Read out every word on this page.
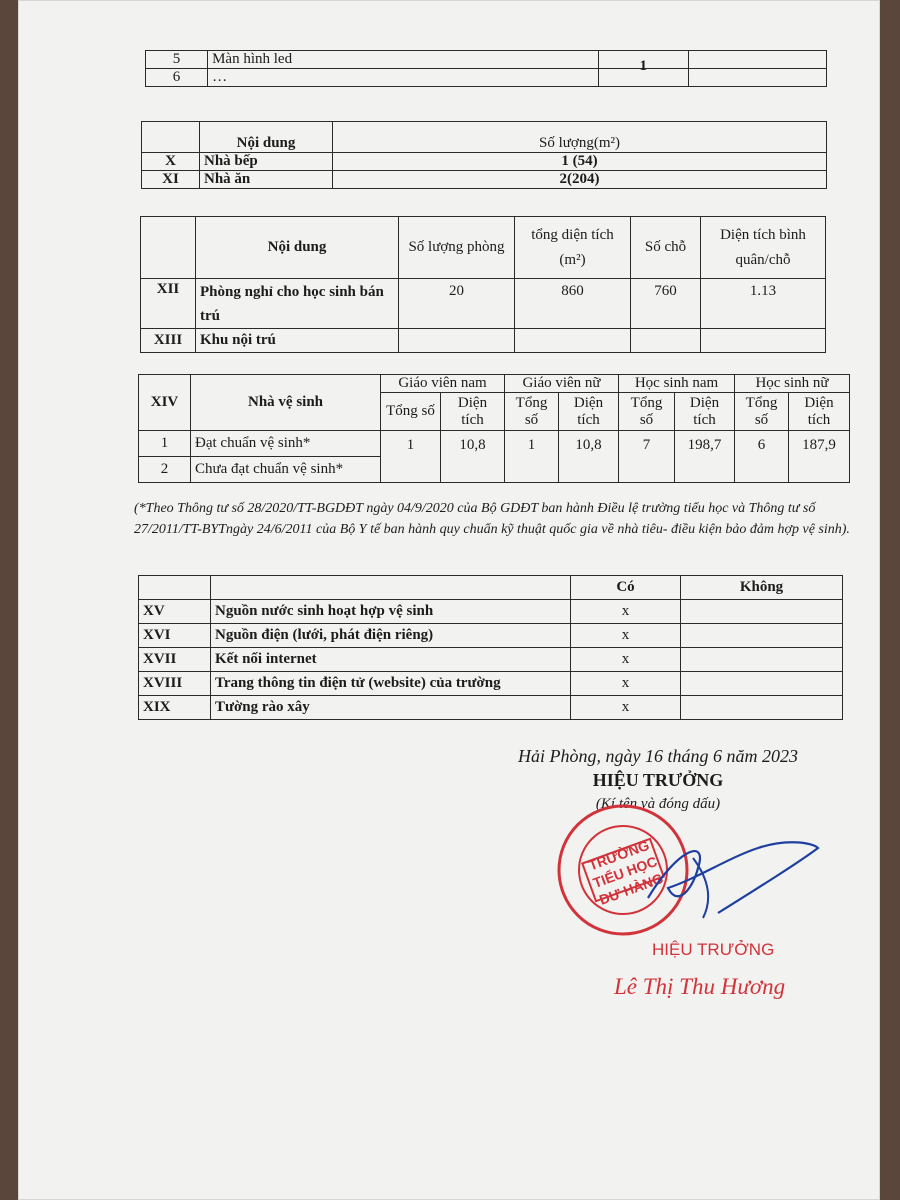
5	Màn hình led	1	
6	…		
	Nội dung	Số lượng(m²)
X	Nhà bếp	1 (54)
XI	Nhà ăn	2(204)
	Nội dung	Số lượng phòng	tổng diện tích (m²)	Số chỗ	Diện tích bình quân/chỗ
XII	Phòng nghỉ cho học sinh bán trú	20	860	760	1.13
XIII	Khu nội trú				
XIV	Nhà vệ sinh	Giáo viên nam		Giáo viên nữ		Học sinh nam		Học sinh nữ	
		Tổng số	Diện tích	Tổng số	Diện tích	Tổng số	Diện tích	Tổng số	Diện tích
1	Đạt chuẩn vệ sinh*	1	10,8	1	10,8	7	198,7	6	187,9
2	Chưa đạt chuẩn vệ sinh*								
(*Theo Thông tư số 28/2020/TT-BGDĐT ngày 04/9/2020 của Bộ GDĐT ban hành Điều lệ trường tiểu học và Thông tư số 27/2011/TT-BYTngày 24/6/2011 của Bộ Y tế ban hành quy chuẩn kỹ thuật quốc gia về nhà tiêu- điều kiện bảo đảm hợp vệ sinh).
		Có	Không
XV	Nguồn nước sinh hoạt hợp vệ sinh	x	
XVI	Nguồn điện (lưới, phát điện riêng)	x	
XVII	Kết nối internet	x	
XVIII	Trang thông tin điện tử (website) của trường	x	
XIX	Tường rào xây	x	
Hải Phòng, ngày 16 tháng 6 năm 2023
HIỆU TRƯỞNG
(Kí tên và đóng dấu)
TRƯỜNG TIỂU HỌC DƯ HÀNG
HIỆU TRƯỞNG
Lê Thị Thu Hương
